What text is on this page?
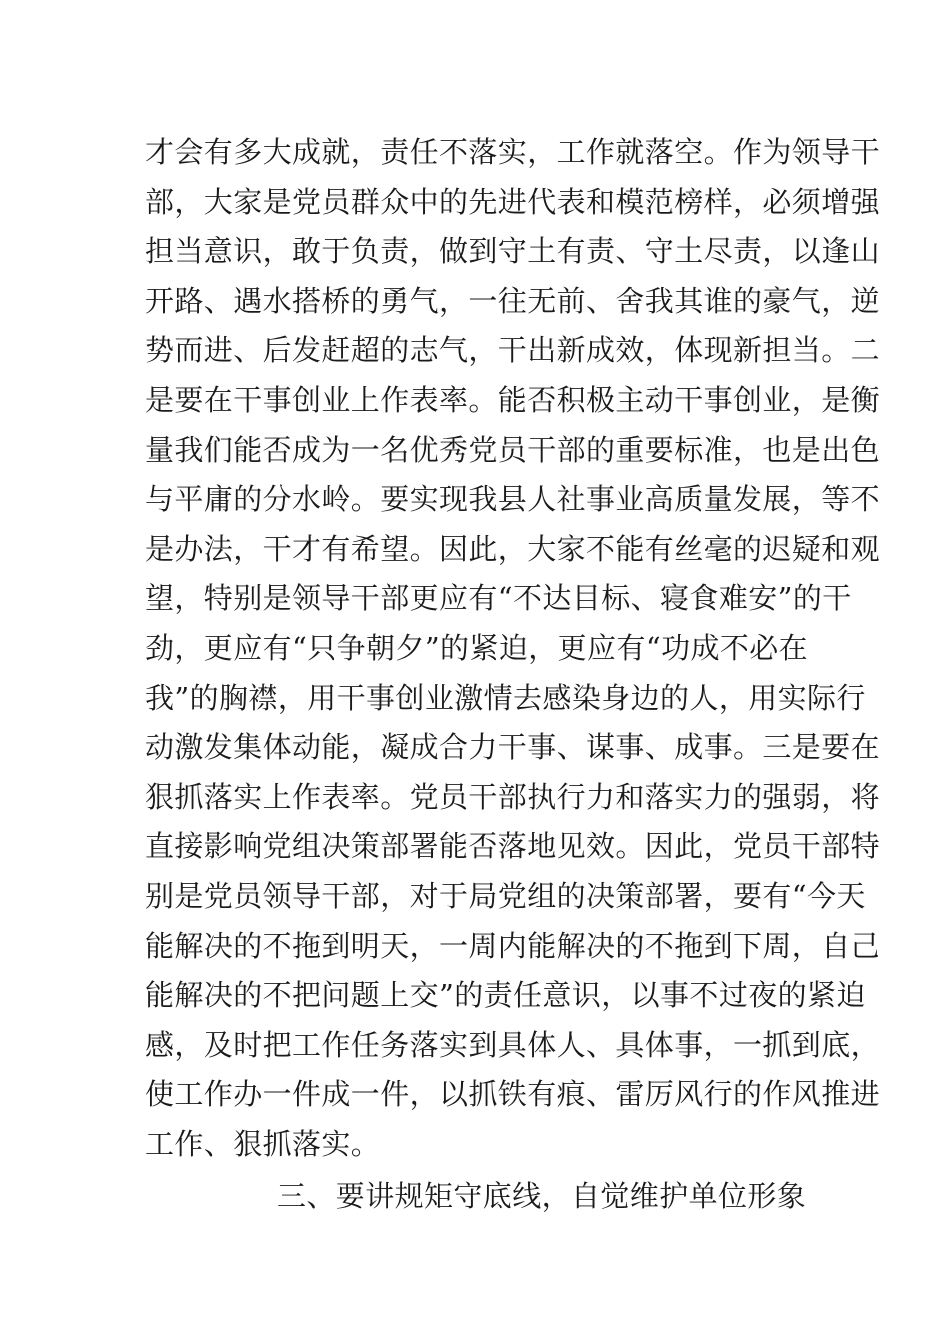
才会有多大成就，责任不落实，工作就落空。作为领导干
部，大家是党员群众中的先进代表和模范榜样，必须增强
担当意识，敢于负责，做到守土有责、守土尽责，以逢山
开路、遇水搭桥的勇气，一往无前、舍我其谁的豪气，逆
势而进、后发赶超的志气，干出新成效，体现新担当。二
是要在干事创业上作表率。能否积极主动干事创业，是衡
量我们能否成为一名优秀党员干部的重要标准，也是出色
与平庸的分水岭。要实现我县人社事业高质量发展，等不
是办法，干才有希望。因此，大家不能有丝毫的迟疑和观
望，特别是领导干部更应有“不达目标、寝食难安”的干
劲，更应有“只争朝夕”的紧迫，更应有“功成不必在
我”的胸襟，用干事创业激情去感染身边的人，用实际行
动激发集体动能，凝成合力干事、谋事、成事。三是要在
狠抓落实上作表率。党员干部执行力和落实力的强弱，将
直接影响党组决策部署能否落地见效。因此，党员干部特
别是党员领导干部，对于局党组的决策部署，要有“今天
能解决的不拖到明天，一周内能解决的不拖到下周，自己
能解决的不把问题上交”的责任意识，以事不过夜的紧迫
感，及时把工作任务落实到具体人、具体事，一抓到底，
使工作办一件成一件，以抓铁有痕、雷厉风行的作风推进
工作、狠抓落实。
三、要讲规矩守底线，自觉维护单位形象
